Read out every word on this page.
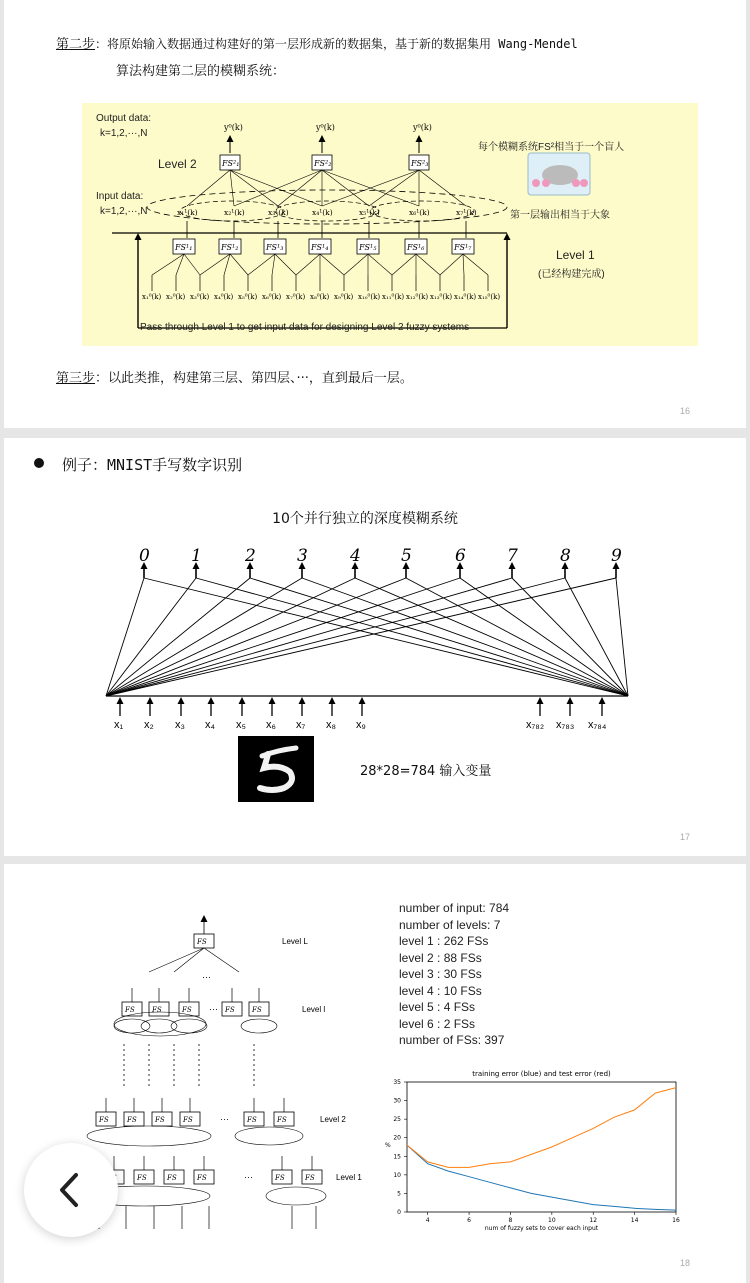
第二步：将原始输入数据通过构建好的第一层形成新的数据集，基于新的数据集用 Wang-Mendel
算法构建第二层的模糊系统：
y⁰(k)
FS²₁
y⁰(k)
FS²₂
y⁰(k)
FS²₃
x₁¹(k)	x₂¹(k)	x₃¹(k)	x₄¹(k)	x₅¹(k)	x₆¹(k)	x₇¹(k)
FS¹₁	FS¹₂	FS¹₃	FS¹₄	FS¹₅	FS¹₆	FS¹₇
x₁⁰(k) x₂⁰(k) x₃⁰(k) x₄⁰(k) x₅⁰(k) x₆⁰(k) x₇⁰(k) x₈⁰(k) x₉⁰(k) x₁₀⁰(k) x₁₁⁰(k) x₁₂⁰(k) x₁₃⁰(k) x₁₄⁰(k) x₁₅⁰(k)
Output data:
k=1,2,···,N
Level 2
Input data:
k=1,2,···,N
每个模糊系统FS²相当于一个盲人
第一层输出相当于大象
Level 1
(已经构建完成)
Pass through Level 1 to get input data for designing Level 2 fuzzy systems
第三步：以此类推，构建第三层、第四层、···，直到最后一层。
16
例子：MNIST手写数字识别
10个并行独立的深度模糊系统
0 1	2 3 4 5	6 7 8 9
x₁ x₂ x₃ x₄ x₅ x₆ x₇ x₈ x₉	x₇₈₂ x₇₈₃ x₇₈₄
28*28=784 输入变量
17
FS	Level L
···
FS FS	FS	FS FS
···	Level l
FS	FS	FS	FS	FS	FS
···	Level 2
FS	FS	FS	FS	FS
···	Level 1
number of input: 784
number of levels: 7
level 1 : 262 FSs
level 2 : 88 FSs
level 3 : 30 FSs
level 4 : 10 FSs
level 5 : 4 FSs
level 6 : 2 FSs
number of FSs: 397
training error (blue) and test error (red)
0
5
10
15
20
25
30
35
4	6	8	10	12	14	16
num of fuzzy sets to cover each input
%
18
